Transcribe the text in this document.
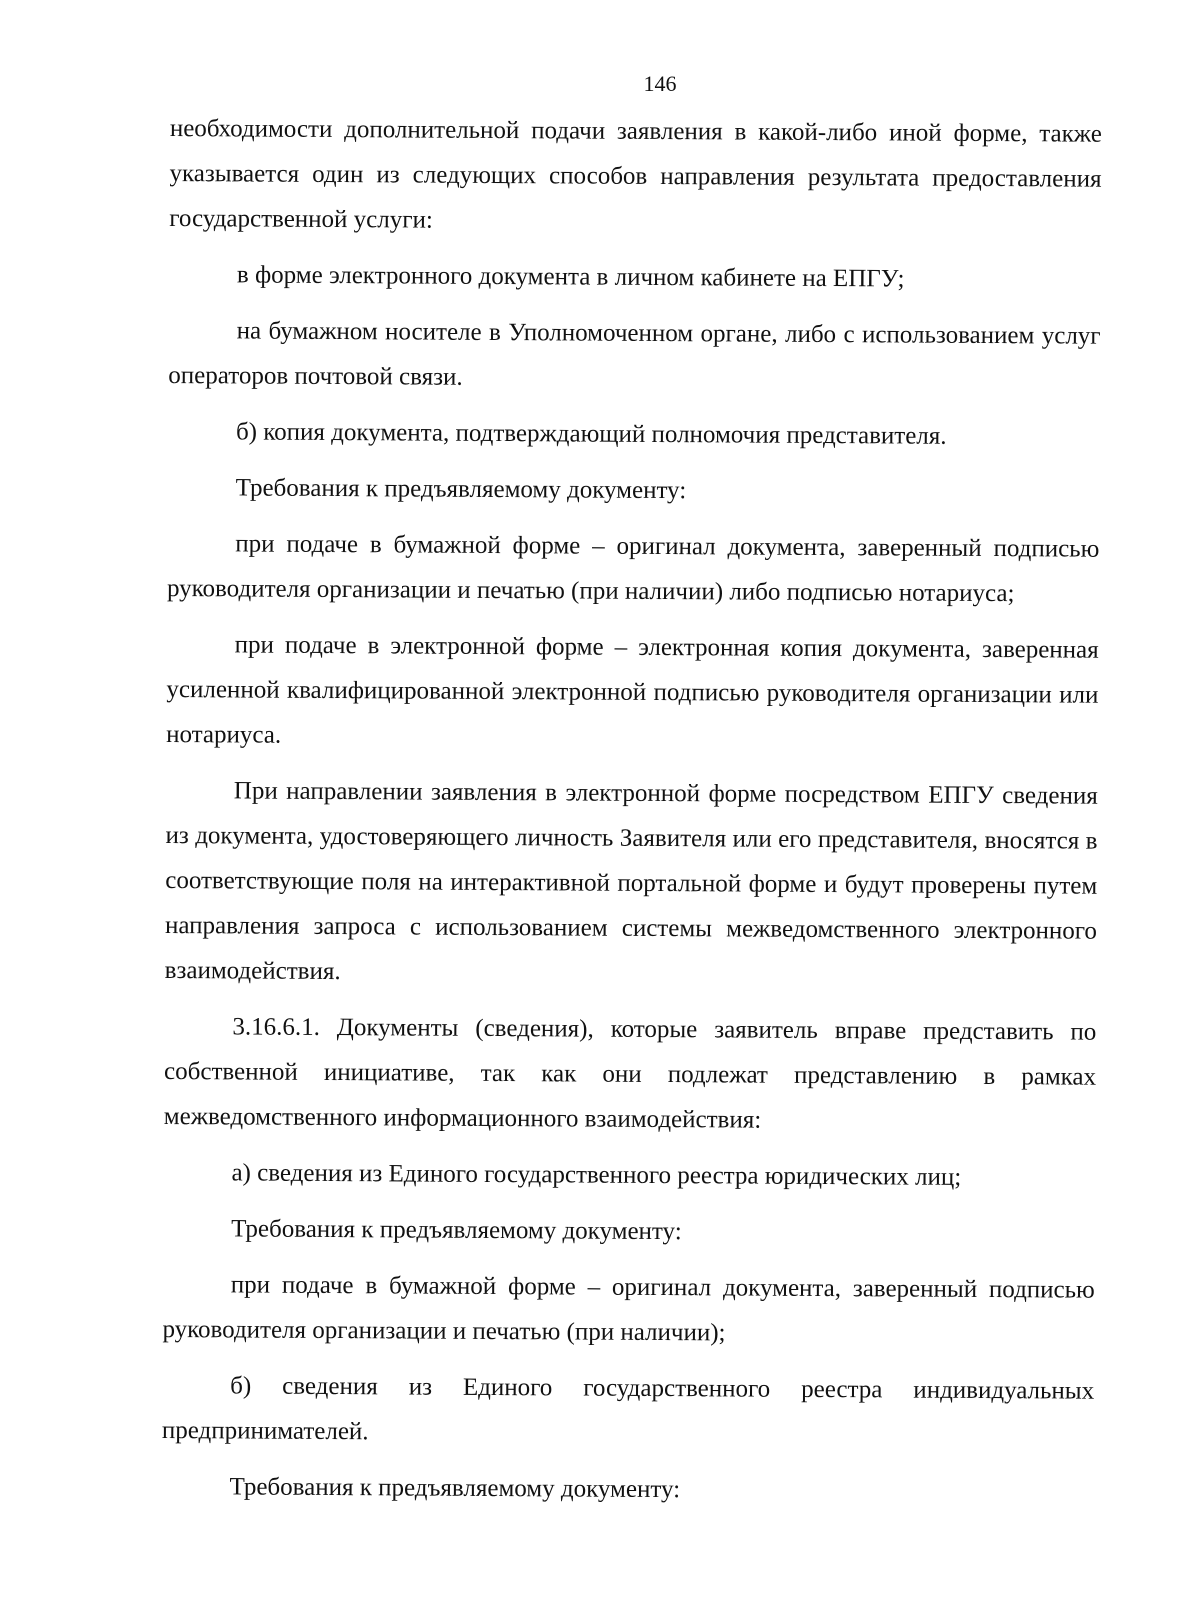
146

необходимости дополнительной подачи заявления в какой-либо иной форме, также указывается один из следующих способов направления результата предоставления государственной услуги:

в форме электронного документа в личном кабинете на ЕПГУ;

на бумажном носителе в Уполномоченном органе, либо с использованием услуг операторов почтовой связи.

б) копия документа, подтверждающий полномочия представителя.

Требования к предъявляемому документу:

при подаче в бумажной форме – оригинал документа, заверенный подписью руководителя организации и печатью (при наличии) либо подписью нотариуса;

при подаче в электронной форме – электронная копия документа, заверенная усиленной квалифицированной электронной подписью руководителя организации или нотариуса.

При направлении заявления в электронной форме посредством ЕПГУ сведения из документа, удостоверяющего личность Заявителя или его представителя, вносятся в соответствующие поля на интерактивной портальной форме и будут проверены путем направления запроса с использованием системы межведомственного электронного взаимодействия.

3.16.6.1. Документы (сведения), которые заявитель вправе представить по собственной инициативе, так как они подлежат представлению в рамках межведомственного информационного взаимодействия:

а) сведения из Единого государственного реестра юридических лиц;

Требования к предъявляемому документу:

при подаче в бумажной форме – оригинал документа, заверенный подписью руководителя организации и печатью (при наличии);

б) сведения из Единого государственного реестра индивидуальных предпринимателей.

Требования к предъявляемому документу:
